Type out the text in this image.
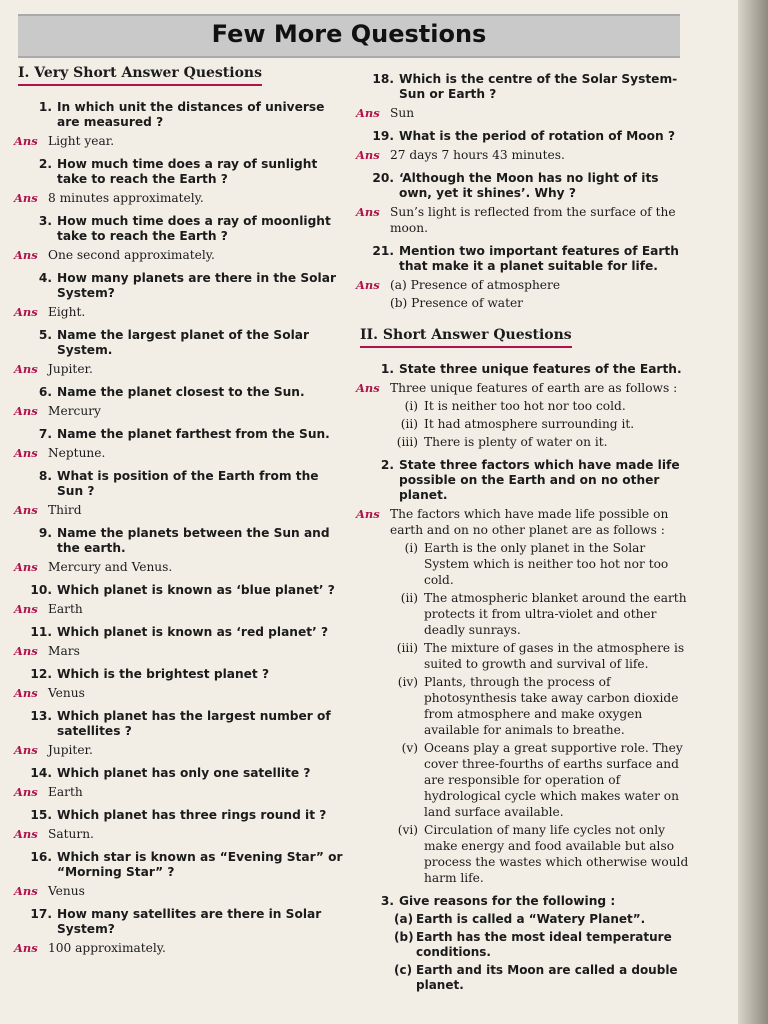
Few More Questions
I. Very Short Answer Questions
1. In which unit the distances of universe are measured ?
Ans Light year.
2. How much time does a ray of sunlight take to reach the Earth ?
Ans 8 minutes approximately.
3. How much time does a ray of moonlight take to reach the Earth ?
Ans One second approximately.
4. How many planets are there in the Solar System?
Ans Eight.
5. Name the largest planet of the Solar System.
Ans Jupiter.
6. Name the planet closest to the Sun.
Ans Mercury
7. Name the planet farthest from the Sun.
Ans Neptune.
8. What is position of the Earth from the Sun ?
Ans Third
9. Name the planets between the Sun and the earth.
Ans Mercury and Venus.
10. Which planet is known as ‘blue planet’ ?
Ans Earth
11. Which planet is known as ‘red planet’ ?
Ans Mars
12. Which is the brightest planet ?
Ans Venus
13. Which planet has the largest number of satellites ?
Ans Jupiter.
14. Which planet has only one satellite ?
Ans Earth
15. Which planet has three rings round it ?
Ans Saturn.
16. Which star is known as “Evening Star” or “Morning Star” ?
Ans Venus
17. How many satellites are there in Solar System?
Ans 100 approximately.
18. Which is the centre of the Solar System-Sun or Earth ?
Ans Sun
19. What is the period of rotation of Moon ?
Ans 27 days 7 hours 43 minutes.
20. ‘Although the Moon has no light of its own, yet it shines’. Why ?
Ans Sun’s light is reflected from the surface of the moon.
21. Mention two important features of Earth that make it a planet suitable for life.
Ans (a) Presence of atmosphere
(b) Presence of water
II. Short Answer Questions
1. State three unique features of the Earth.
Ans Three unique features of earth are as follows :
(i) It is neither too hot nor too cold.
(ii) It had atmosphere surrounding it.
(iii) There is plenty of water on it.
2. State three factors which have made life possible on the Earth and on no other planet.
Ans The factors which have made life possible on earth and on no other planet are as follows :
(i) Earth is the only planet in the Solar System which is neither too hot nor too cold.
(ii) The atmospheric blanket around the earth protects it from ultra-violet and other deadly sunrays.
(iii) The mixture of gases in the atmosphere is suited to growth and survival of life.
(iv) Plants, through the process of photosynthesis take away carbon dioxide from atmosphere and make oxygen available for animals to breathe.
(v) Oceans play a great supportive role. They cover three-fourths of earths surface and are responsible for operation of hydrological cycle which makes water on land surface available.
(vi) Circulation of many life cycles not only make energy and food available but also process the wastes which otherwise would harm life.
3. Give reasons for the following :
(a) Earth is called a “Watery Planet”.
(b) Earth has the most ideal temperature conditions.
(c) Earth and its Moon are called a double planet.
